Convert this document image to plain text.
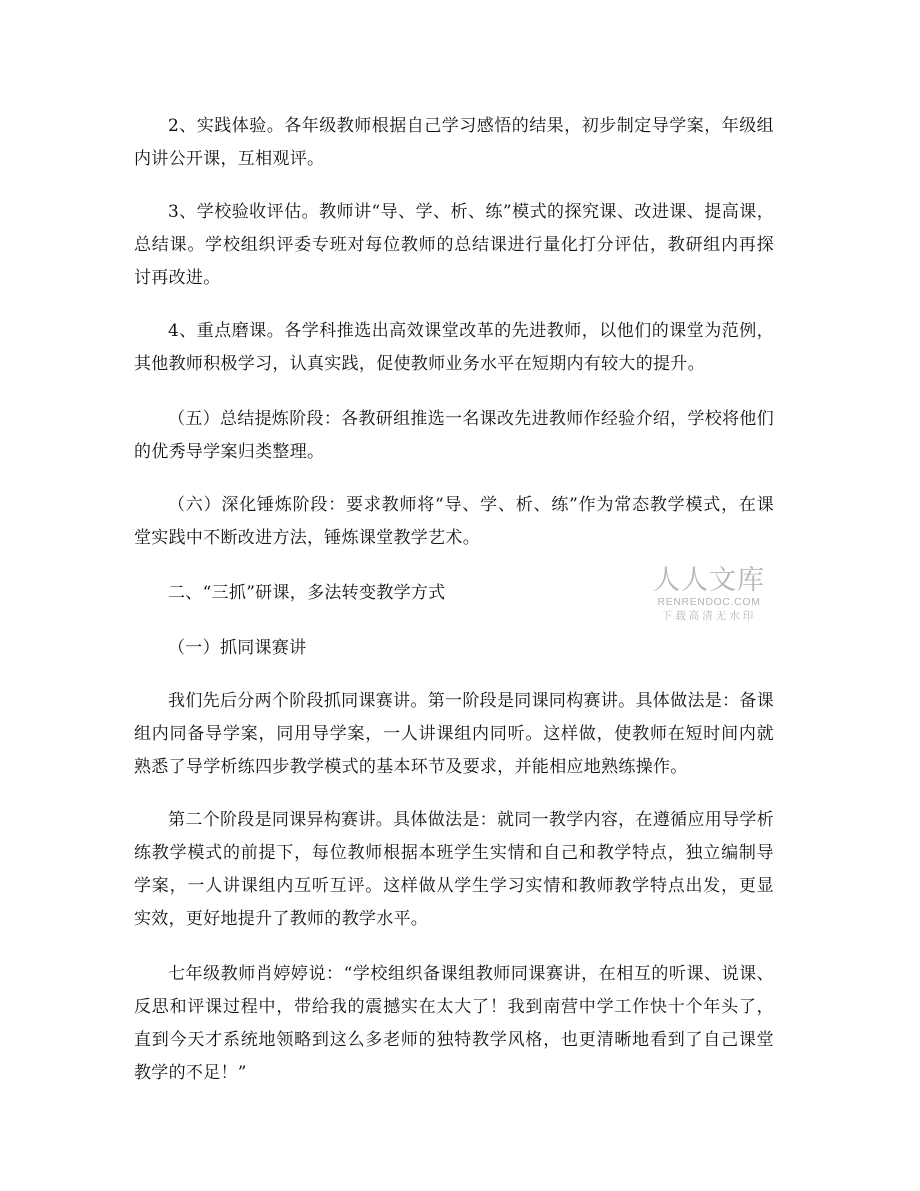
2、实践体验。各年级教师根据自己学习感悟的结果，初步制定导学案，年级组内讲公开课，互相观评。

3、学校验收评估。教师讲“导、学、析、练”模式的探究课、改进课、提高课，总结课。学校组织评委专班对每位教师的总结课进行量化打分评估，教研组内再探讨再改进。

4、重点磨课。各学科推选出高效课堂改革的先进教师，以他们的课堂为范例，其他教师积极学习，认真实践，促使教师业务水平在短期内有较大的提升。

（五）总结提炼阶段：各教研组推选一名课改先进教师作经验介绍，学校将他们的优秀导学案归类整理。

（六）深化锤炼阶段：要求教师将“导、学、析、练”作为常态教学模式，在课堂实践中不断改进方法，锤炼课堂教学艺术。

二、“三抓”研课，多法转变教学方式

（一）抓同课赛讲

我们先后分两个阶段抓同课赛讲。第一阶段是同课同构赛讲。具体做法是：备课组内同备导学案，同用导学案，一人讲课组内同听。这样做，使教师在短时间内就熟悉了导学析练四步教学模式的基本环节及要求，并能相应地熟练操作。

第二个阶段是同课异构赛讲。具体做法是：就同一教学内容，在遵循应用导学析练教学模式的前提下，每位教师根据本班学生实情和自己和教学特点，独立编制导学案，一人讲课组内互听互评。这样做从学生学习实情和教师教学特点出发，更显实效，更好地提升了教师的教学水平。

七年级教师肖婷婷说：“学校组织备课组教师同课赛讲，在相互的听课、说课、反思和评课过程中，带给我的震撼实在太大了！我到南营中学工作快十个年头了，直到今天才系统地领略到这么多老师的独特教学风格，也更清晰地看到了自己课堂教学的不足！”

人人文库
RENRENDOC.COM
下载高清无水印
